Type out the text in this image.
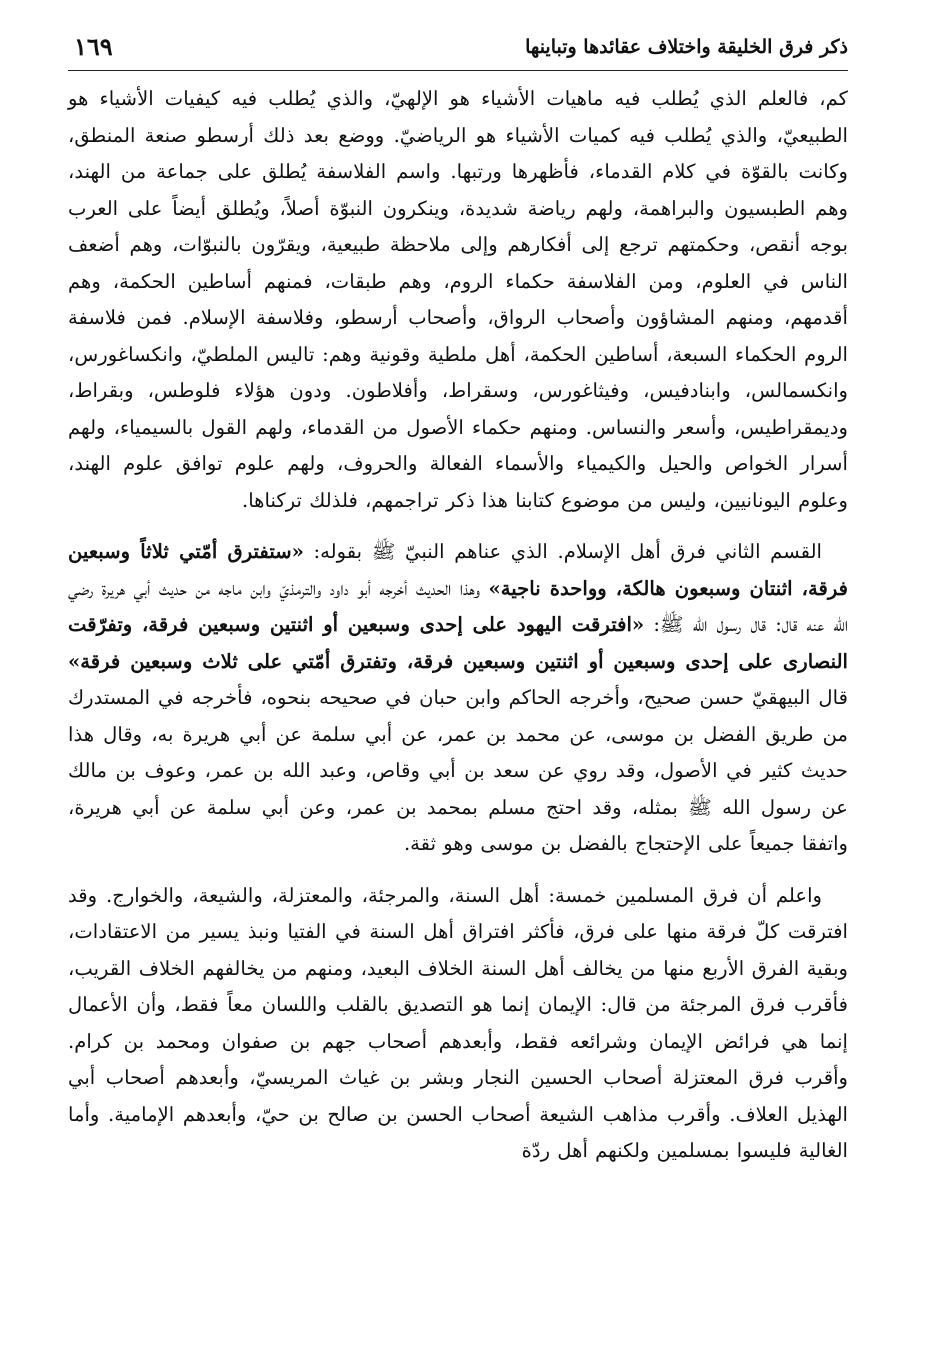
ذكر فرق الخليقة واختلاف عقائدها وتباينها
١٦٩

كم، فالعلم الذي يُطلب فيه ماهيات الأشياء هو الإلهيّ، والذي يُطلب فيه كيفيات الأشياء هو الطبيعيّ، والذي يُطلب فيه كميات الأشياء هو الرياضيّ. ووضع بعد ذلك أرسطو صنعة المنطق، وكانت بالقوّة في كلام القدماء، فأظهرها ورتبها. واسم الفلاسفة يُطلق على جماعة من الهند، وهم الطبسيون والبراهمة، ولهم رياضة شديدة، وينكرون النبوّة أصلاً، ويُطلق أيضاً على العرب بوجه أنقص، وحكمتهم ترجع إلى أفكارهم وإلى ملاحظة طبيعية، ويقرّون بالنبوّات، وهم أضعف الناس في العلوم، ومن الفلاسفة حكماء الروم، وهم طبقات، فمنهم أساطين الحكمة، وهم أقدمهم، ومنهم المشاؤون وأصحاب الرواق، وأصحاب أرسطو، وفلاسفة الإسلام. فمن فلاسفة الروم الحكماء السبعة، أساطين الحكمة، أهل ملطية وقونية وهم: تاليس الملطيّ، وانكساغورس، وانكسمالس، وابنادفيس، وفيثاغورس، وسقراط، وأفلاطون. ودون هؤلاء فلوطس، وبقراط، وديمقراطيس، وأسعر والنساس. ومنهم حكماء الأصول من القدماء، ولهم القول بالسيمياء، ولهم أسرار الخواص والحيل والكيمياء والأسماء الفعالة والحروف، ولهم علوم توافق علوم الهند، وعلوم اليونانيين، وليس من موضوع كتابنا هذا ذكر تراجمهم، فلذلك تركناها.

القسم الثاني فرق أهل الإسلام. الذي عناهم النبيّ ﷺ بقوله: «ستفترق أمّتي ثلاثاً وسبعين فرقة، اثنتان وسبعون هالكة، وواحدة ناجية» وهذا الحديث أخرجه أبو داود والترمذيّ وابن ماجه من حديث أبي هريرة رضي الله عنه قال: قال رسول الله ﷺ: «افترقت اليهود على إحدى وسبعين أو اثنتين وسبعين فرقة، وتفرّقت النصارى على إحدى وسبعين أو اثنتين وسبعين فرقة، وتفترق أمّتي على ثلاث وسبعين فرقة» قال البيهقيّ حسن صحيح، وأخرجه الحاكم وابن حبان في صحيحه بنحوه، فأخرجه في المستدرك من طريق الفضل بن موسى، عن محمد بن عمر، عن أبي سلمة عن أبي هريرة به، وقال هذا حديث كثير في الأصول، وقد روي عن سعد بن أبي وقاص، وعبد الله بن عمر، وعوف بن مالك عن رسول الله ﷺ بمثله، وقد احتج مسلم بمحمد بن عمر، وعن أبي سلمة عن أبي هريرة، واتفقا جميعاً على الإحتجاج بالفضل بن موسى وهو ثقة.

واعلم أن فرق المسلمين خمسة: أهل السنة، والمرجئة، والمعتزلة، والشيعة، والخوارج. وقد افترقت كلّ فرقة منها على فرق، فأكثر افتراق أهل السنة في الفتيا ونبذ يسير من الاعتقادات، وبقية الفرق الأربع منها من يخالف أهل السنة الخلاف البعيد، ومنهم من يخالفهم الخلاف القريب، فأقرب فرق المرجئة من قال: الإيمان إنما هو التصديق بالقلب واللسان معاً فقط، وأن الأعمال إنما هي فرائض الإيمان وشرائعه فقط، وأبعدهم أصحاب جهم بن صفوان ومحمد بن كرام. وأقرب فرق المعتزلة أصحاب الحسين النجار وبشر بن غياث المريسيّ، وأبعدهم أصحاب أبي الهذيل العلاف. وأقرب مذاهب الشيعة أصحاب الحسن بن صالح بن حيّ، وأبعدهم الإمامية. وأما الغالية فليسوا بمسلمين ولكنهم أهل ردّة
